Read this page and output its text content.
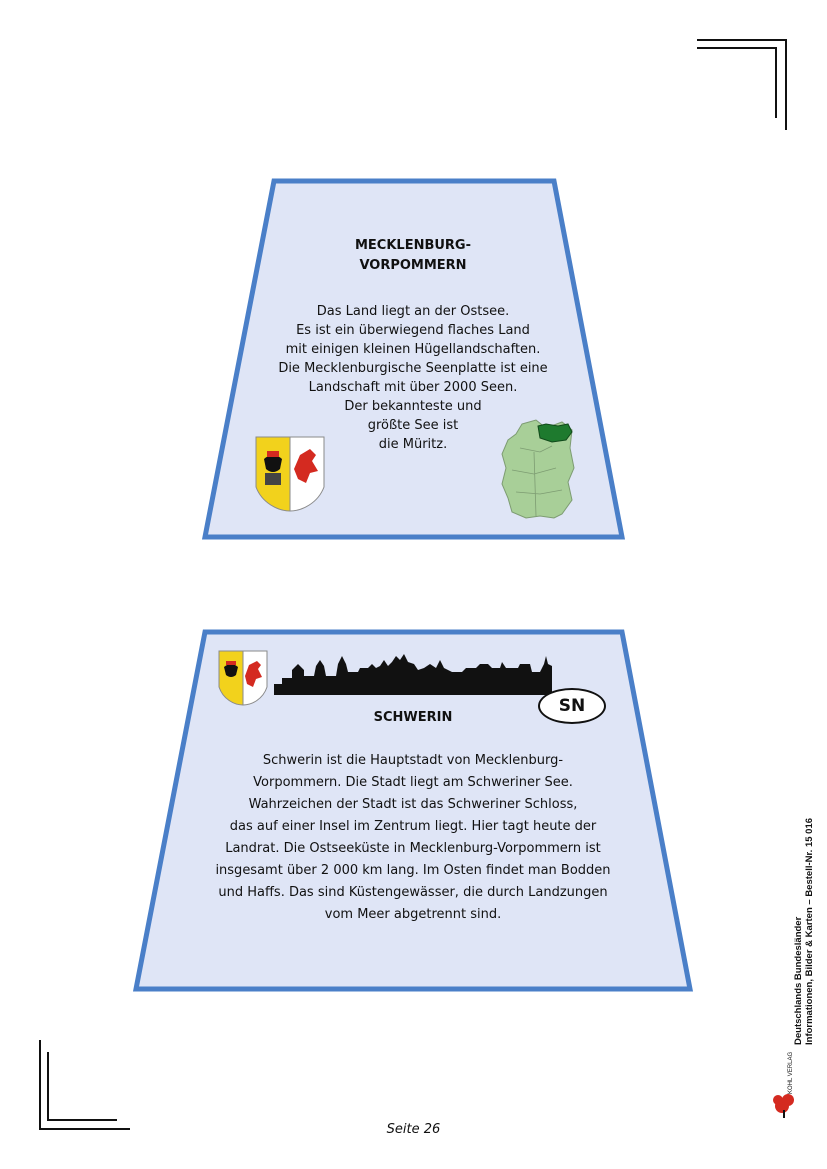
MECKLENBURG-
VORPOMMERN
Das Land liegt an der Ostsee.
Es ist ein überwiegend flaches Land
mit einigen kleinen Hügellandschaften.
Die Mecklenburgische Seenplatte ist eine
Landschaft mit über 2000 Seen.
Der bekannteste und
größte See ist
die Müritz.
SCHWERIN
SN
Schwerin ist die Hauptstadt von Mecklenburg-
Vorpommern. Die Stadt liegt am Schweriner See.
Wahrzeichen der Stadt ist das Schweriner Schloss,
das auf einer Insel im Zentrum liegt. Hier tagt heute der
Landrat. Die Ostseeküste in Mecklenburg-Vorpommern ist
insgesamt über 2 000 km lang. Im Osten findet man Bodden
und Haffs. Das sind Küstengewässer, die durch Landzungen
vom Meer abgetrennt sind.
Seite 26
Deutschlands Bundesländer Informationen, Bilder & Karten – Bestell-Nr. 15 016
KOHL VERLAG
